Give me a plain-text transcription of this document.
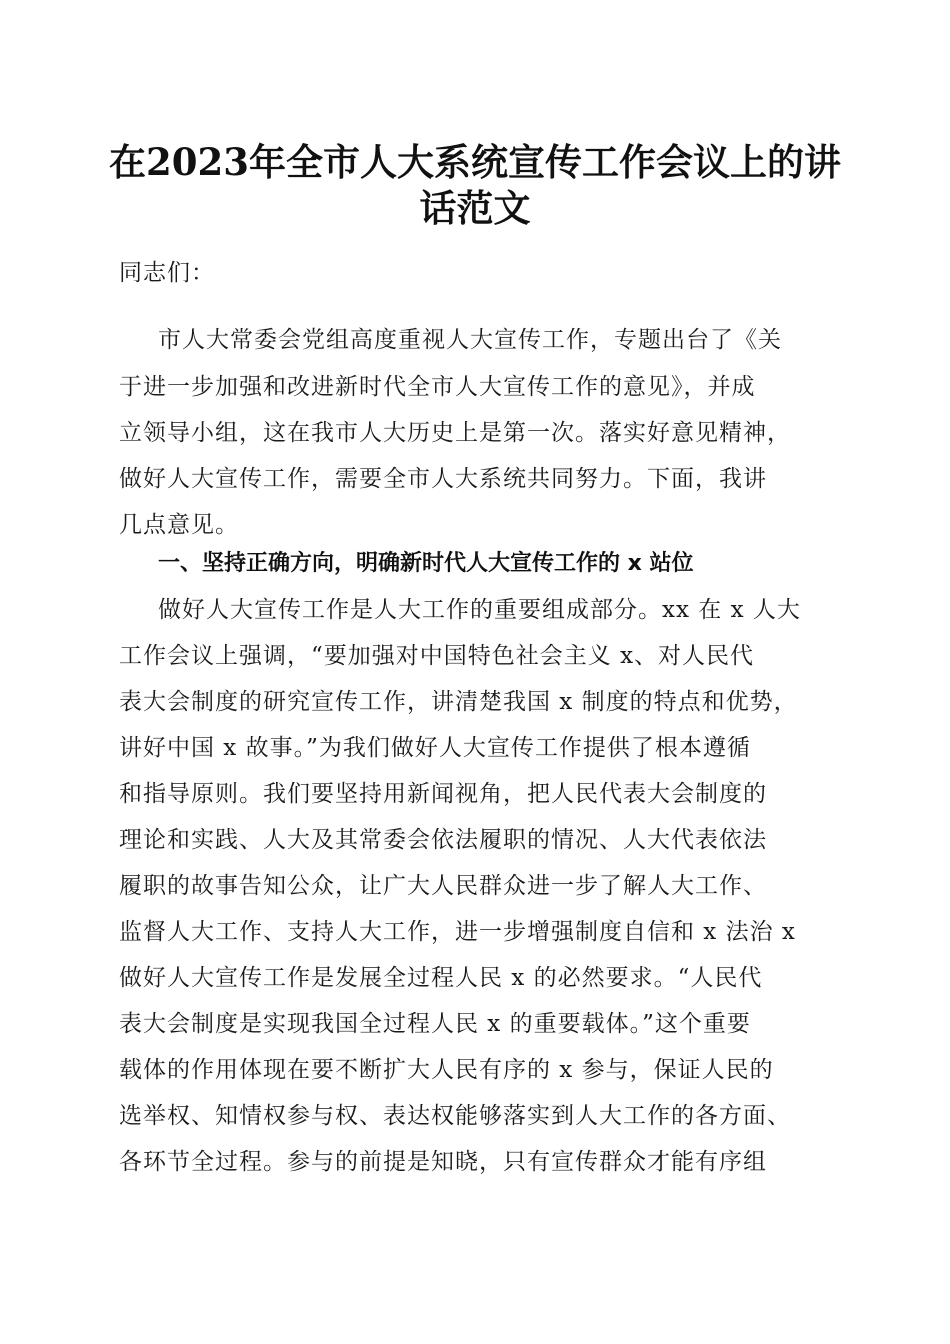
在2023年全市人大系统宣传工作会议上的讲
话范文
同志们：
市人大常委会党组高度重视人大宣传工作，专题出台了《关
于进一步加强和改进新时代全市人大宣传工作的意见》，并成
立领导小组，这在我市人大历史上是第一次。落实好意见精神，
做好人大宣传工作，需要全市人大系统共同努力。下面，我讲
几点意见。
一、坚持正确方向，明确新时代人大宣传工作的 x 站位
做好人大宣传工作是人大工作的重要组成部分。xx 在 x 人大
工作会议上强调，“要加强对中国特色社会主义 x、对人民代
表大会制度的研究宣传工作，讲清楚我国 x 制度的特点和优势，
讲好中国 x 故事。”为我们做好人大宣传工作提供了根本遵循
和指导原则。我们要坚持用新闻视角，把人民代表大会制度的
理论和实践、人大及其常委会依法履职的情况、人大代表依法
履职的故事告知公众，让广大人民群众进一步了解人大工作、
监督人大工作、支持人大工作，进一步增强制度自信和 x 法治 x
做好人大宣传工作是发展全过程人民 x 的必然要求。“人民代
表大会制度是实现我国全过程人民 x 的重要载体。”这个重要
载体的作用体现在要不断扩大人民有序的 x 参与，保证人民的
选举权、知情权参与权、表达权能够落实到人大工作的各方面、
各环节全过程。参与的前提是知晓，只有宣传群众才能有序组
